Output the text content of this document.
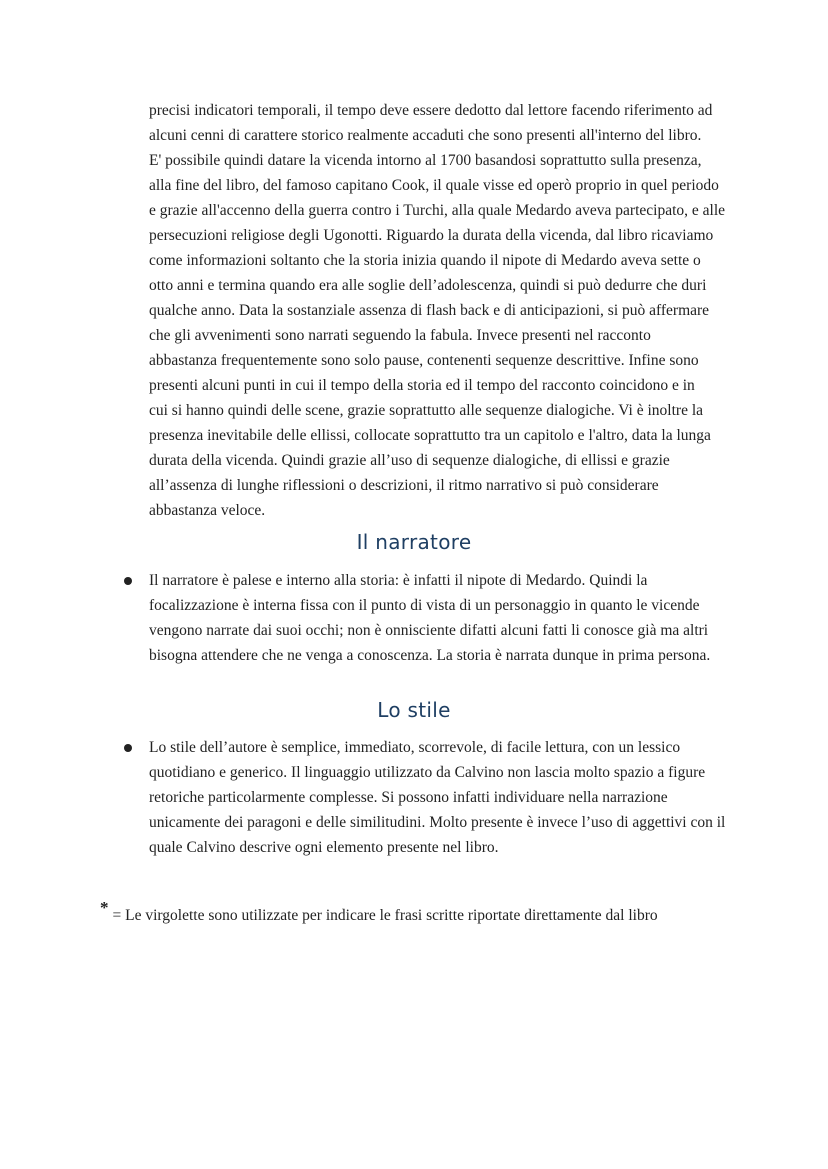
precisi indicatori temporali, il tempo deve essere dedotto dal lettore facendo riferimento ad
alcuni cenni di carattere storico realmente accaduti che sono presenti all'interno del libro.
E' possibile quindi datare la vicenda intorno al 1700 basandosi soprattutto sulla presenza,
alla fine del libro, del famoso capitano Cook, il quale visse ed operò proprio in quel periodo
e grazie all'accenno della guerra contro i Turchi, alla quale Medardo aveva partecipato, e alle
persecuzioni religiose degli Ugonotti. Riguardo la durata della vicenda, dal libro ricaviamo
come informazioni soltanto che la storia inizia quando il nipote di Medardo aveva sette o
otto anni e termina quando era alle soglie dell’adolescenza, quindi si può dedurre che duri
qualche anno. Data la sostanziale assenza di flash back e di anticipazioni, si può affermare
che gli avvenimenti sono narrati seguendo la fabula. Invece presenti nel racconto
abbastanza frequentemente sono solo pause, contenenti sequenze descrittive. Infine sono
presenti alcuni punti in cui il tempo della storia ed il tempo del racconto coincidono e in
cui si hanno quindi delle scene, grazie soprattutto alle sequenze dialogiche. Vi è inoltre la
presenza inevitabile delle ellissi, collocate soprattutto tra un capitolo e l'altro, data la lunga
durata della vicenda. Quindi grazie all’uso di sequenze dialogiche, di ellissi e grazie
all’assenza di lunghe riflessioni o descrizioni, il ritmo narrativo si può considerare
abbastanza veloce.
Il narratore
Il narratore è palese e interno alla storia: è infatti il nipote di Medardo. Quindi la
focalizzazione è interna fissa con il punto di vista di un personaggio in quanto le vicende
vengono narrate dai suoi occhi; non è onnisciente difatti alcuni fatti li conosce già ma altri
bisogna attendere che ne venga a conoscenza. La storia è narrata dunque in prima persona.
Lo stile
Lo stile dell’autore è semplice, immediato, scorrevole, di facile lettura, con un lessico
quotidiano e generico. Il linguaggio utilizzato da Calvino non lascia molto spazio a figure
retoriche particolarmente complesse. Si possono infatti individuare nella narrazione
unicamente dei paragoni e delle similitudini. Molto presente è invece l’uso di aggettivi con il
quale Calvino descrive ogni elemento presente nel libro.
* = Le virgolette sono utilizzate per indicare le frasi scritte riportate direttamente dal libro
